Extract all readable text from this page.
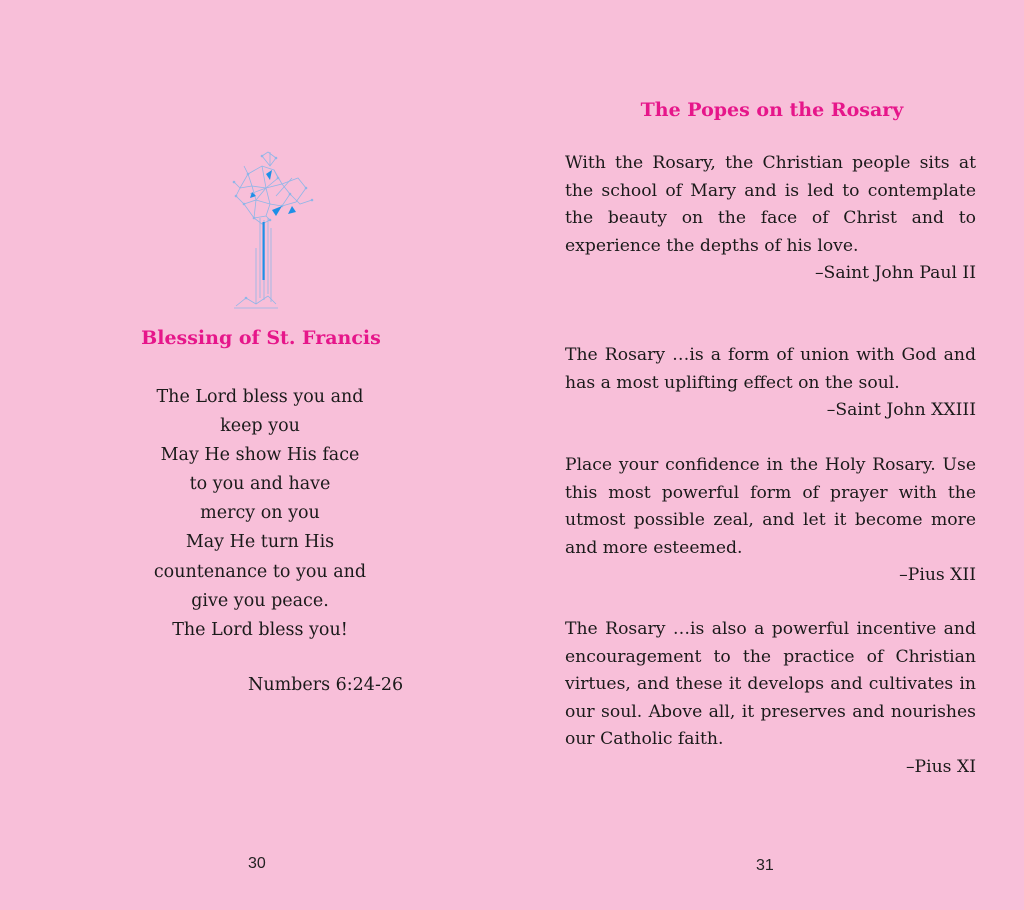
Blessing of St. Francis
The Lord bless you and
keep you
May He show His face
to you and have
mercy on you
May He turn His
countenance to you and
give you peace.
The Lord bless you!
Numbers 6:24-26
30
The Popes on the Rosary

With the Rosary, the Christian people sits at the school of Mary and is led to contemplate the beauty on the face of Christ and to experience the depths of his love.

–Saint John Paul II

The Rosary …is a form of union with God and has a most uplifting effect on the soul.

–Saint John XXIII

Place your confidence in the Holy Rosary. Use this most powerful form of prayer with the utmost possible zeal, and let it become more and more esteemed.

–Pius XII

The Rosary …is also a powerful incentive and encouragement to the practice of Christian virtues, and these it develops and cultivates in our soul. Above all, it preserves and nourishes our Catholic faith.

–Pius XI
31
